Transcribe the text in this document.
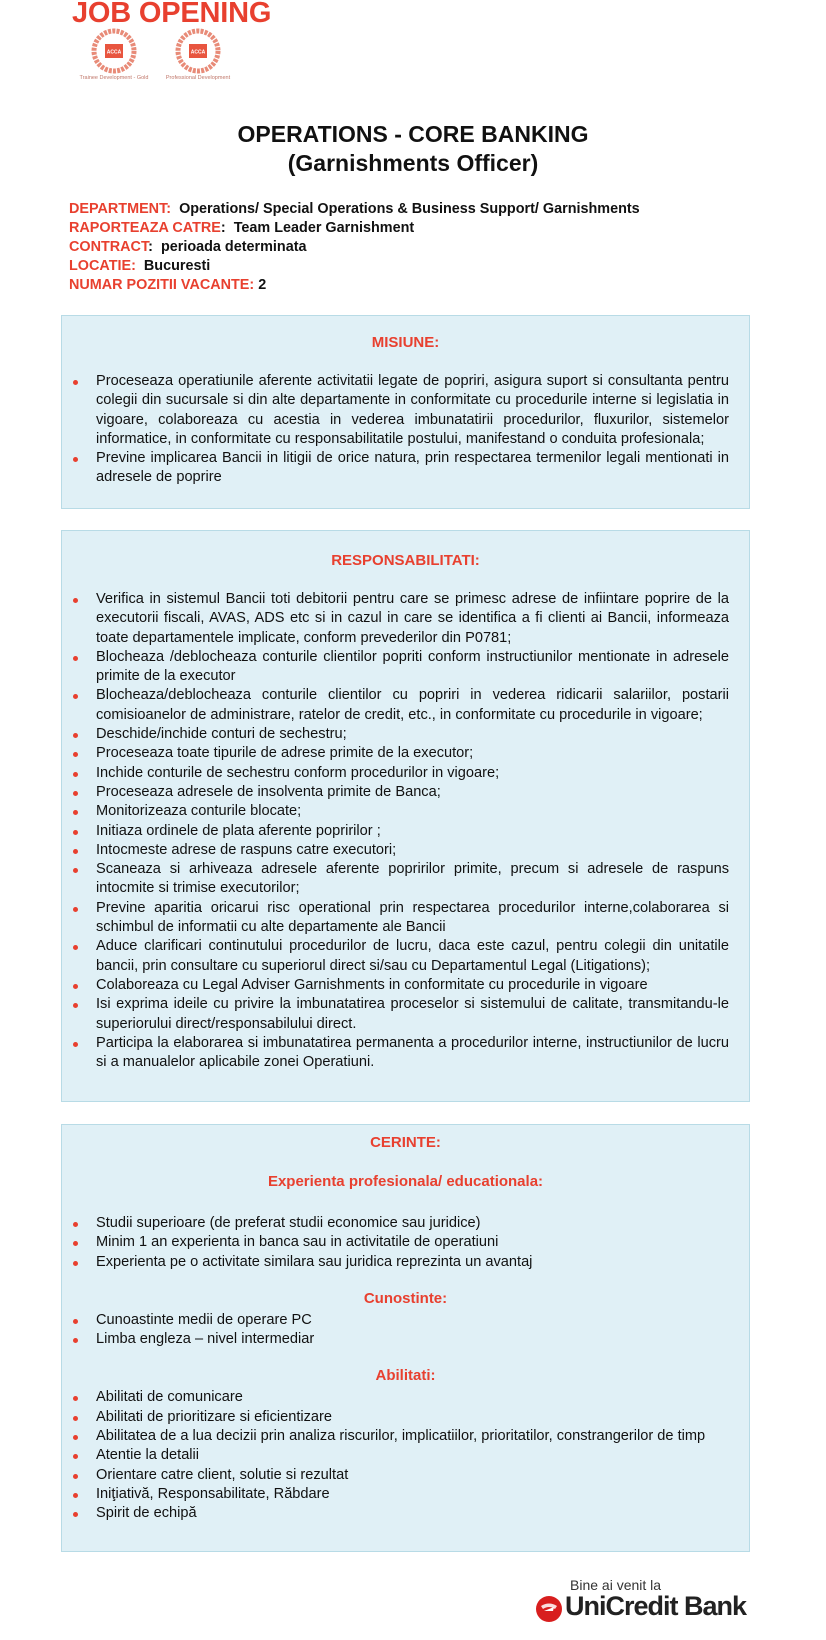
JOB OPENING
ACCA
Trainee Development - Gold
ACCA
Professional Development
OPERATIONS - CORE BANKING
(Garnishments Officer)
DEPARTMENT: Operations/ Special Operations & Business Support/ Garnishments
RAPORTEAZA CATRE: Team Leader Garnishment
CONTRACT: perioada determinata
LOCATIE: Bucuresti
NUMAR POZITII VACANTE: 2
MISIUNE:
Proceseaza operatiunile aferente activitatii legate de popriri, asigura suport si consultanta pentru colegii din sucursale si din alte departamente in conformitate cu procedurile interne si legislatia in vigoare, colaboreaza cu acestia in vederea imbunatatirii procedurilor, fluxurilor, sistemelor informatice, in conformitate cu responsabilitatile postului, manifestand o conduita profesionala;
Previne implicarea Bancii in litigii de orice natura, prin respectarea termenilor legali mentionati in adresele de poprire
RESPONSABILITATI:
Verifica in sistemul Bancii toti debitorii pentru care se primesc adrese de infiintare poprire de la executorii fiscali, AVAS, ADS etc si in cazul in care se identifica a fi clienti ai Bancii, informeaza toate departamentele implicate, conform prevederilor din P0781;
Blocheaza /deblocheaza conturile clientilor popriti conform instructiunilor mentionate in adresele primite de la executor
Blocheaza/deblocheaza conturile clientilor cu popriri in vederea ridicarii salariilor, postarii comisioanelor de administrare, ratelor de credit, etc., in conformitate cu procedurile in vigoare;
Deschide/inchide conturi de sechestru;
Proceseaza toate tipurile de adrese primite de la executor;
Inchide conturile de sechestru conform procedurilor in vigoare;
Proceseaza adresele de insolventa primite de Banca;
Monitorizeaza conturile blocate;
Initiaza ordinele de plata aferente popririlor ;
Intocmeste adrese de raspuns catre executori;
Scaneaza si arhiveaza adresele aferente popririlor primite, precum si adresele de raspuns intocmite si trimise executorilor;
Previne aparitia oricarui risc operational prin respectarea procedurilor interne,colaborarea si schimbul de informatii cu alte departamente ale Bancii
Aduce clarificari continutului procedurilor de lucru, daca este cazul, pentru colegii din unitatile bancii, prin consultare cu superiorul direct si/sau cu Departamentul Legal (Litigations);
Colaboreaza cu Legal Adviser Garnishments in conformitate cu procedurile in vigoare
Isi exprima ideile cu privire la imbunatatirea proceselor si sistemului de calitate, transmitandu-le superiorului direct/responsabilului direct.
Participa la elaborarea si imbunatatirea permanenta a procedurilor interne, instructiunilor de lucru si a manualelor aplicabile zonei Operatiuni.
CERINTE:
Experienta profesionala/ educationala:
Studii superioare (de preferat studii economice sau juridice)
Minim 1 an experienta in banca sau in activitatile de operatiuni
Experienta pe o activitate similara sau juridica reprezinta un avantaj
Cunostinte:
Cunoastinte medii de operare PC
Limba engleza – nivel intermediar
Abilitati:
Abilitati de comunicare
Abilitati de prioritizare si eficientizare
Abilitatea de a lua decizii prin analiza riscurilor, implicatiilor, prioritatilor, constrangerilor de timp
Atentie la detalii
Orientare catre client, solutie si rezultat
Iniţiativă, Responsabilitate, Răbdare
Spirit de echipă
Bine ai venit la
UniCredit Bank
